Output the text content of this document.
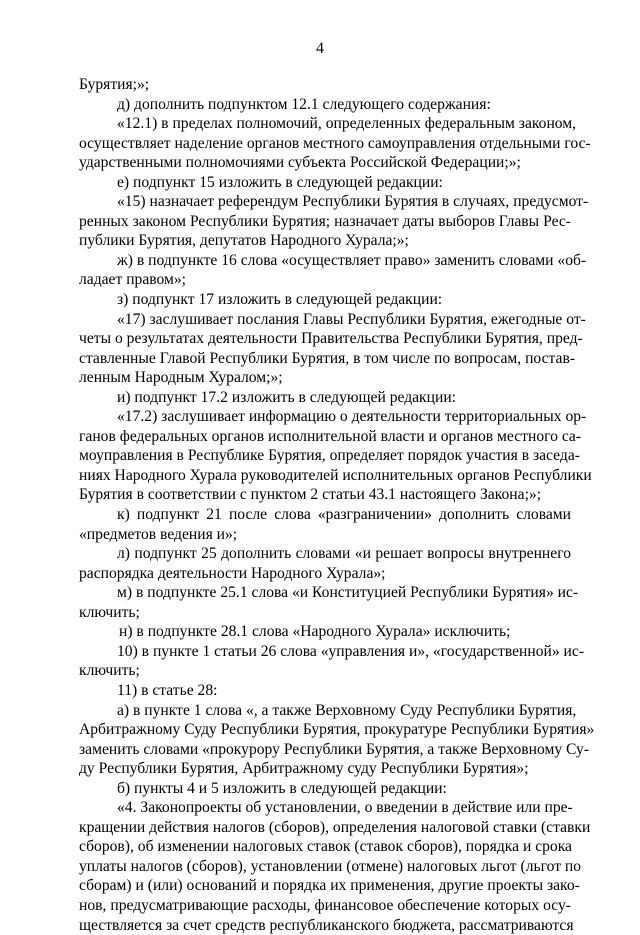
4
Бурятия;»;
д) дополнить подпунктом 12.1 следующего содержания:
«12.1) в пределах полномочий, определенных федеральным законом,
осуществляет наделение органов местного самоуправления отдельными гос-
ударственными полномочиями субъекта Российской Федерации;»;
е) подпункт 15 изложить в следующей редакции:
«15) назначает референдум Республики Бурятия в случаях, предусмот-
ренных законом Республики Бурятия; назначает даты выборов Главы Рес-
публики Бурятия, депутатов Народного Хурала;»;
ж) в подпункте 16 слова «осуществляет право» заменить словами «об-
ладает правом»;
з) подпункт 17 изложить в следующей редакции:
«17) заслушивает послания Главы Республики Бурятия, ежегодные от-
четы о результатах деятельности Правительства Республики Бурятия, пред-
ставленные Главой Республики Бурятия, в том числе по вопросам, постав-
ленным Народным Хуралом;»;
и) подпункт 17.2 изложить в следующей редакции:
«17.2) заслушивает информацию о деятельности территориальных ор-
ганов федеральных органов исполнительной власти и органов местного са-
моуправления в Республике Бурятия, определяет порядок участия в заседа-
ниях Народного Хурала руководителей исполнительных органов Республики
Бурятия в соответствии с пунктом 2 статьи 43.1 настоящего Закона;»;
к) подпункт 21 после слова «разграничении» дополнить словами
«предметов ведения и»;
л) подпункт 25 дополнить словами «и решает вопросы внутреннего
распорядка деятельности Народного Хурала»;
м) в подпункте 25.1 слова «и Конституцией Республики Бурятия» ис-
ключить;
н) в подпункте 28.1 слова «Народного Хурала» исключить;
10) в пункте 1 статьи 26 слова «управления и», «государственной» ис-
ключить;
11) в статье 28:
а) в пункте 1 слова «, а также Верховному Суду Республики Бурятия,
Арбитражному Суду Республики Бурятия, прокуратуре Республики Бурятия»
заменить словами «прокурору Республики Бурятия, а также Верховному Су-
ду Республики Бурятия, Арбитражному суду Республики Бурятия»;
б) пункты 4 и 5 изложить в следующей редакции:
«4. Законопроекты об установлении, о введении в действие или пре-
кращении действия налогов (сборов), определения налоговой ставки (ставки
сборов), об изменении налоговых ставок (ставок сборов), порядка и срока
уплаты налогов (сборов), установлении (отмене) налоговых льгот (льгот по
сборам) и (или) оснований и порядка их применения, другие проекты зако-
нов, предусматривающие расходы, финансовое обеспечение которых осу-
ществляется за счет средств республиканского бюджета, рассматриваются
